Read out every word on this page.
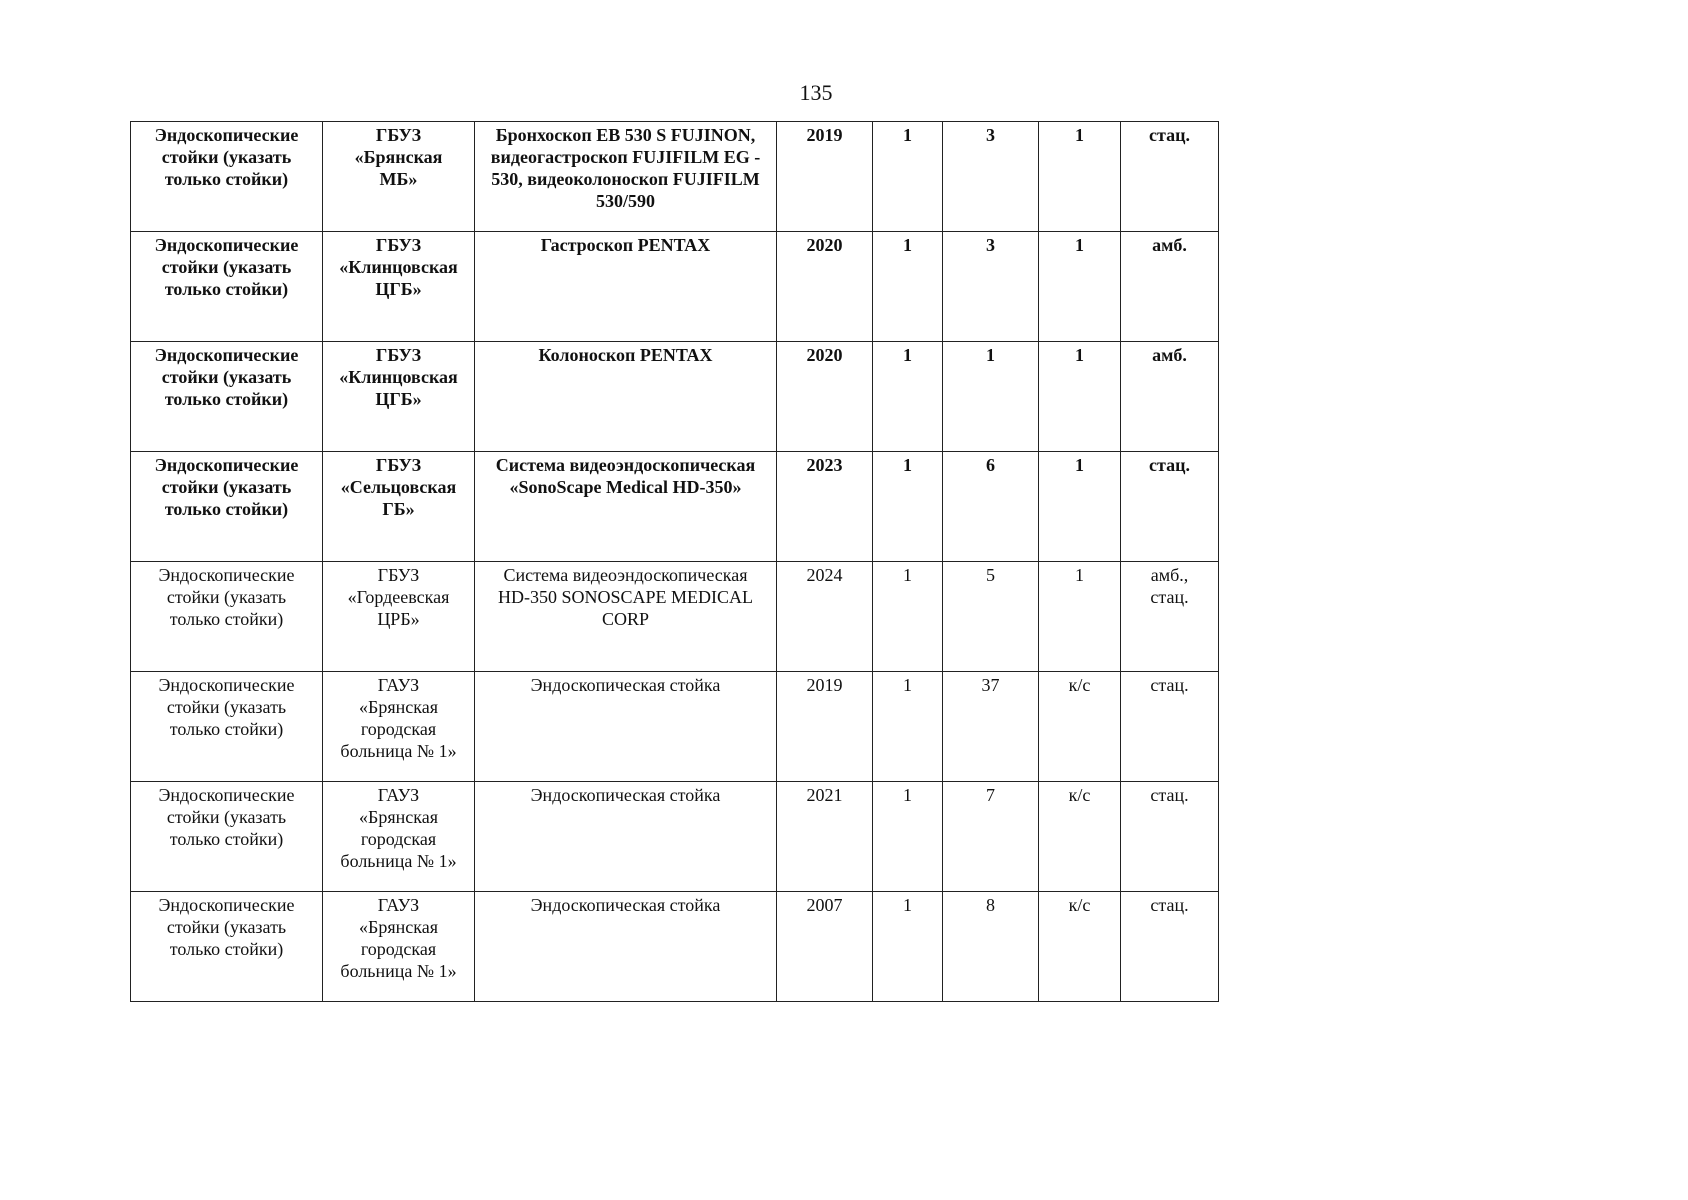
135
Эндоскопические
стойки (указать
только стойки)	ГБУЗ
«Брянская
МБ»	Бронхоскоп EB 530 S FUJINON,
видеогастроскоп FUJIFILM EG -
530, видеоколоноскоп FUJIFILM
530/590	2019	1	3	1	стац.
Эндоскопические
стойки (указать
только стойки)	ГБУЗ
«Клинцовская
ЦГБ»	Гастроскоп PENTAX	2020	1	3	1	амб.
Эндоскопические
стойки (указать
только стойки)	ГБУЗ
«Клинцовская
ЦГБ»	Колоноскоп PENTAX	2020	1	1	1	амб.
Эндоскопические
стойки (указать
только стойки)	ГБУЗ
«Сельцовская
ГБ»	Система видеоэндоскопическая
«SonoScape Medical HD-350»	2023	1	6	1	стац.
Эндоскопические
стойки (указать
только стойки)	ГБУЗ
«Гордеевская
ЦРБ»	Система видеоэндоскопическая
HD-350 SONOSCAPE MEDICAL
CORP	2024	1	5	1	амб.,
стац.
Эндоскопические
стойки (указать
только стойки)	ГАУЗ
«Брянская
городская
больница № 1»	Эндоскопическая стойка	2019	1	37	к/с	стац.
Эндоскопические
стойки (указать
только стойки)	ГАУЗ
«Брянская
городская
больница № 1»	Эндоскопическая стойка	2021	1	7	к/с	стац.
Эндоскопические
стойки (указать
только стойки)	ГАУЗ
«Брянская
городская
больница № 1»	Эндоскопическая стойка	2007	1	8	к/с	стац.
